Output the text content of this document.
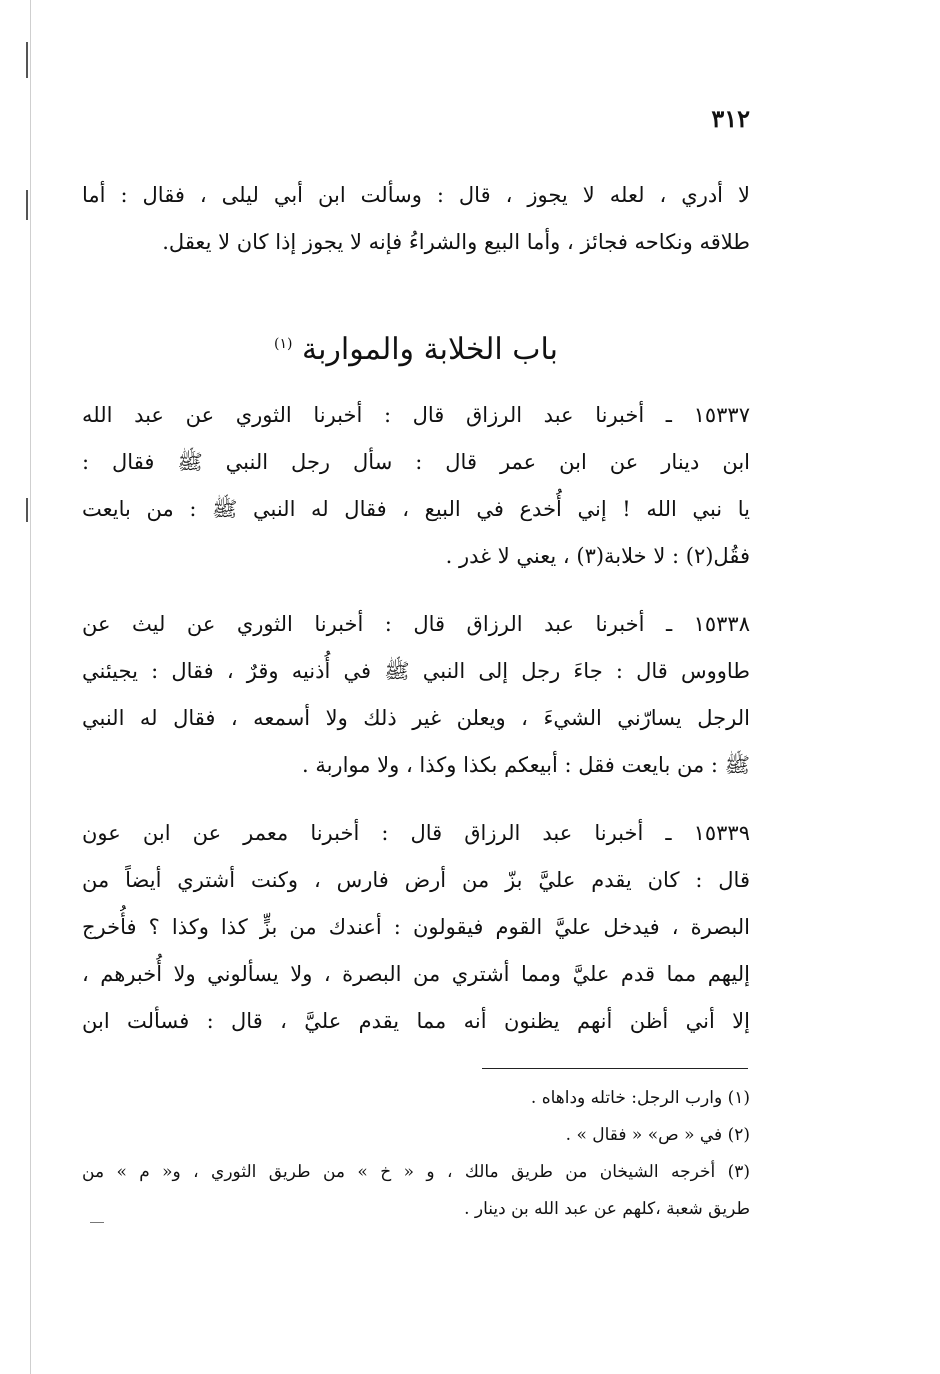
٣١٢
لا أدري ، لعله لا يجوز ، قال : وسألت ابن أبي ليلى ، فقال : أما
طلاقه ونكاحه فجائز ، وأما البيع والشراءُ فإنه لا يجوز إذا كان لا يعقل.
باب الخلابة والمواربة $^{(١)}$
١٥٣٣٧ ـ أخبرنا عبد الرزاق قال : أخبرنا الثوري عن عبد الله
ابن دينار عن ابن عمر قال : سأل رجل النبي ﷺ فقال :
يا نبي الله ! إني أُخدع في البيع ، فقال له النبي ﷺ : من بايعت
فقُل(٢) : لا خلابة(٣) ، يعني لا غدر .
١٥٣٣٨ ـ أخبرنا عبد الرزاق قال : أخبرنا الثوري عن ليث عن
طاووس قال : جاءَ رجل إلى النبي ﷺ في أُذنيه وقرٌ ، فقال : يجيئني
الرجل يسارّني الشيءَ ، ويعلن غير ذلك ولا أسمعه ، فقال له النبي
ﷺ : من بايعت فقل : أبيعكم بكذا وكذا ، ولا مواربة .
١٥٣٣٩ ـ أخبرنا عبد الرزاق قال : أخبرنا معمر عن ابن عون
قال : كان يقدم عليَّ بزّ من أرض فارس ، وكنت أشتري أيضاً من
البصرة ، فيدخل عليَّ القوم فيقولون : أعندك من بزٍّ كذا وكذا ؟ فأُخرج
إليهم مما قدم عليَّ ومما أشتري من البصرة ، ولا يسألوني ولا أُخبرهم ،
إلا أني أظن أنهم يظنون أنه مما يقدم عليَّ ، قال : فسألت ابن
(١) وارب الرجل: خاتله وداهاه .
(٢) في « ص» « فقال » .
(٣) أخرجه الشيخان من طريق مالك ، و « خ » من طريق الثوري ، و« م » من
طريق شعبة ،كلهم عن عبد الله بن دينار .
